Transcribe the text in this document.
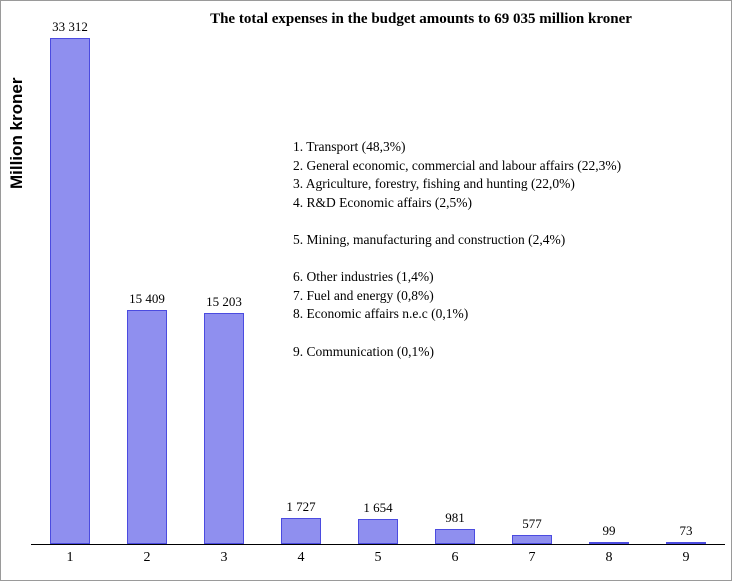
The total expenses in the budget amounts to 69 035 million kroner
Million kroner
33 312
15 409	15 203
1 727	1 654
981	577	99	73
1. Transport (48,3%)
2. General economic, commercial and labour affairs (22,3%)
3. Agriculture, forestry, fishing and hunting (22,0%)
4. R&D Economic affairs (2,5%)
5. Mining, manufacturing and construction (2,4%)
6. Other industries (1,4%)
7. Fuel and energy (0,8%)
8. Economic affairs n.e.c (0,1%)
9. Communication (0,1%)
1	2	3	4	5	6	7	8	9
